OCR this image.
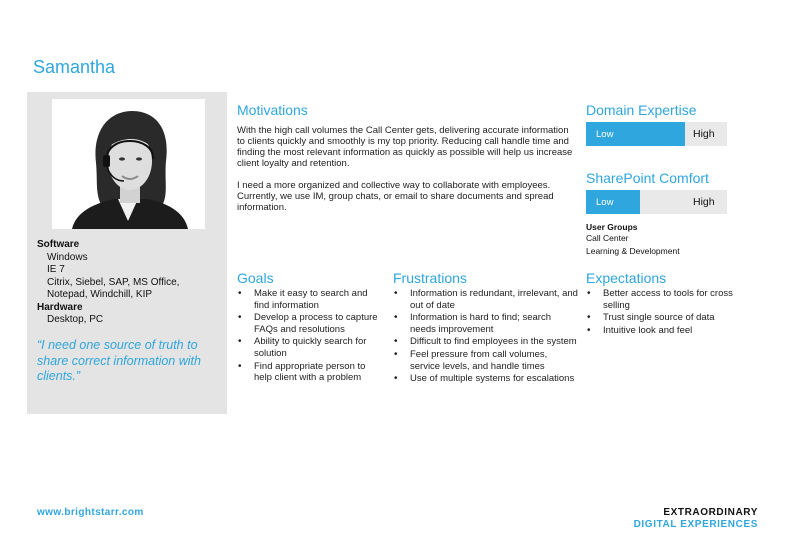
Samantha
Software
Windows
IE 7
Citrix, Siebel, SAP, MS Office,
Notepad, Windchill, KIP
Hardware
Desktop, PC
“I need one source of truth to share correct information with clients.”
Motivations
With the high call volumes the Call Center gets, delivering accurate information to clients quickly and smoothly is my top priority. Reducing call handle time and finding the most relevant information as quickly as possible will help us increase client loyalty and retention.
I need a more organized and collective way to collaborate with employees. Currently, we use IM, group chats, or email to share documents and spread information.
Domain Expertise
Low	High
SharePoint Comfort
Low	High
User Groups
Call Center
Learning & Development
Goals
• Make it easy to search and find information
• Develop a process to capture FAQs and resolutions
• Ability to quickly search for solution
• Find appropriate person to help client with a problem
Frustrations
• Information is redundant, irrelevant, and out of date
• Information is hard to find; search needs improvement
• Difficult to find employees in the system
• Feel pressure from call volumes, service levels, and handle times
• Use of multiple systems for escalations
Expectations
• Better access to tools for cross selling
• Trust single source of data
• Intuitive look and feel
www.brightstarr.com	EXTRAORDINARY
DIGITAL EXPERIENCES
